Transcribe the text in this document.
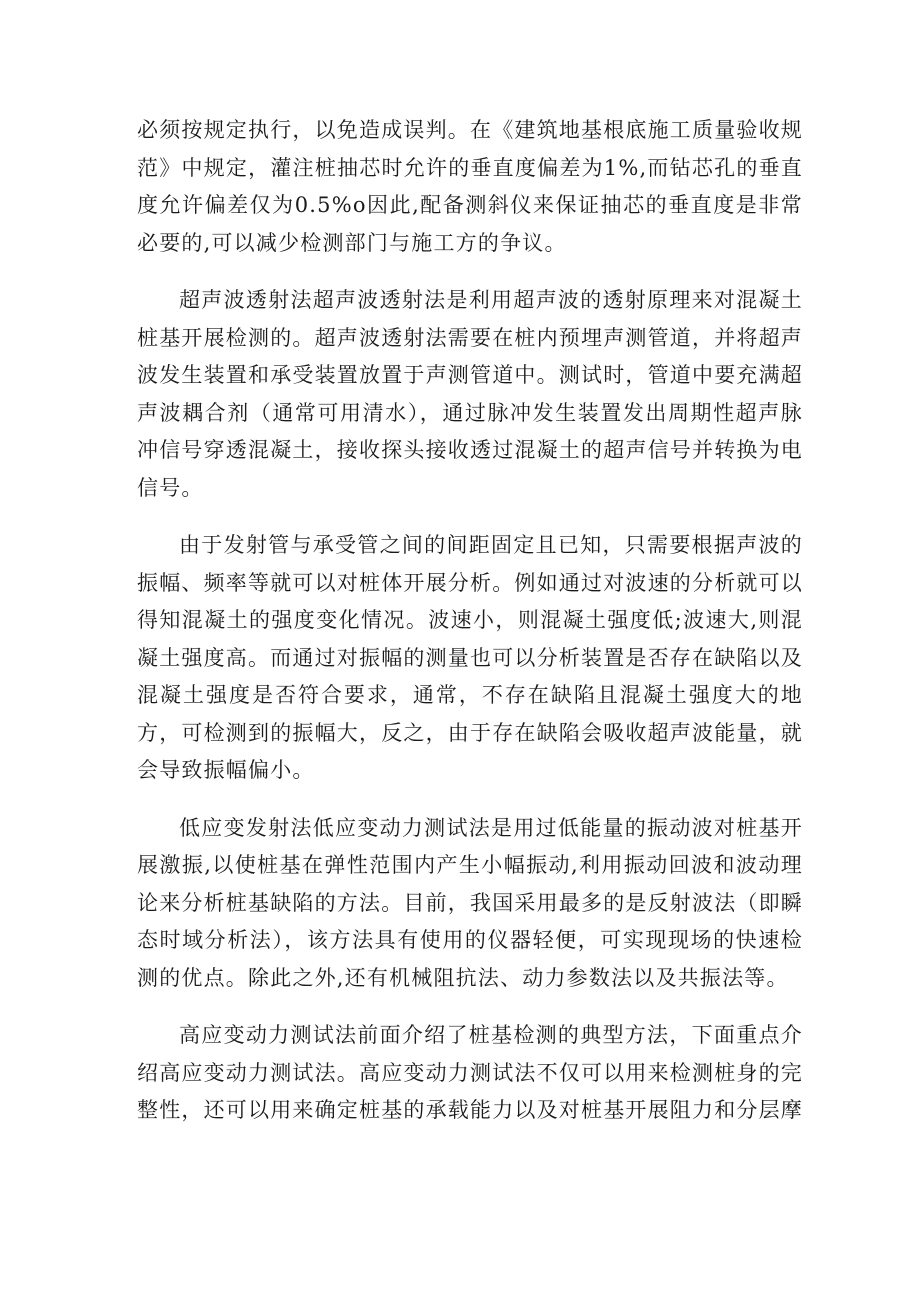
必须按规定执行，以免造成误判。在《建筑地基根底施工质量验收规范》中规定，灌注桩抽芯时允许的垂直度偏差为1%,而钻芯孔的垂直度允许偏差仅为0.5%o因此,配备测斜仪来保证抽芯的垂直度是非常必要的,可以减少检测部门与施工方的争议。

超声波透射法超声波透射法是利用超声波的透射原理来对混凝土桩基开展检测的。超声波透射法需要在桩内预埋声测管道，并将超声波发生装置和承受装置放置于声测管道中。测试时，管道中要充满超声波耦合剂（通常可用清水），通过脉冲发生装置发出周期性超声脉冲信号穿透混凝土，接收探头接收透过混凝土的超声信号并转换为电信号。

由于发射管与承受管之间的间距固定且已知，只需要根据声波的振幅、频率等就可以对桩体开展分析。例如通过对波速的分析就可以得知混凝土的强度变化情况。波速小，则混凝土强度低;波速大,则混凝土强度高。而通过对振幅的测量也可以分析装置是否存在缺陷以及混凝土强度是否符合要求，通常，不存在缺陷且混凝土强度大的地方，可检测到的振幅大，反之，由于存在缺陷会吸收超声波能量，就会导致振幅偏小。

低应变发射法低应变动力测试法是用过低能量的振动波对桩基开展激振,以使桩基在弹性范围内产生小幅振动,利用振动回波和波动理论来分析桩基缺陷的方法。目前，我国采用最多的是反射波法（即瞬态时域分析法），该方法具有使用的仪器轻便，可实现现场的快速检测的优点。除此之外,还有机械阻抗法、动力参数法以及共振法等。

高应变动力测试法前面介绍了桩基检测的典型方法，下面重点介绍高应变动力测试法。高应变动力测试法不仅可以用来检测桩身的完整性，还可以用来确定桩基的承载能力以及对桩基开展阻力和分层摩
